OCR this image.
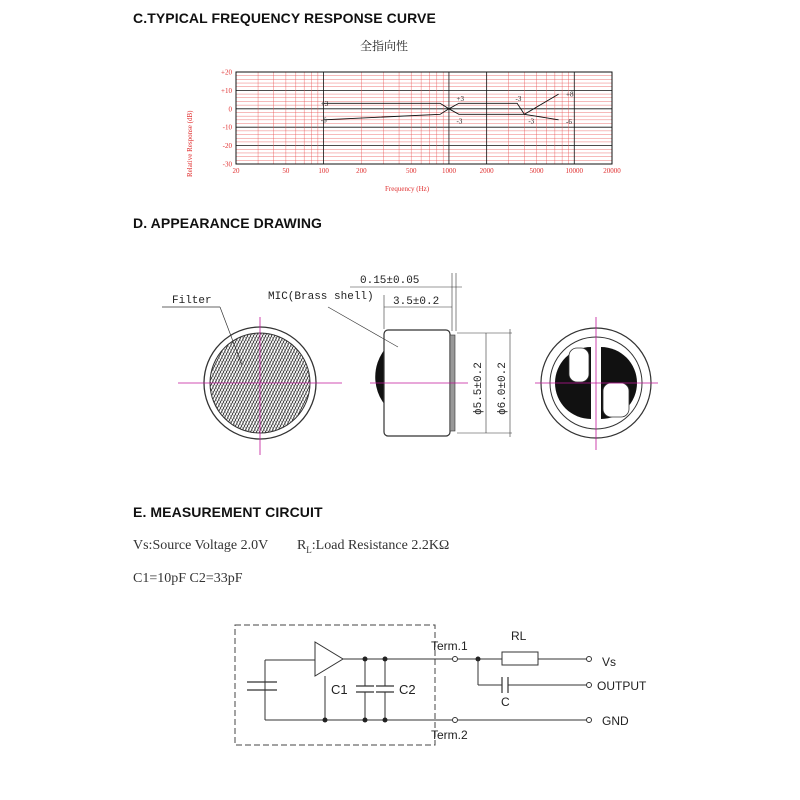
C.TYPICAL FREQUENCY RESPONSE CURVE
全指向性
20	50	100	200	500	1000	2000	5000	10000	20000
+20
+10
0
-10
-20
-30
+3
-6
+3
-3
-3
+8
-3	-6
Relative Response (dB)
Frequency (Hz)
D. APPEARANCE DRAWING
Filter
0.15±0.05
3.5±0.2
MIC(Brass shell)
ϕ5.5±0.2 ϕ6.0±0.2
E. MEASUREMENT CIRCUIT
Vs:Source Voltage 2.0V $R_L:Load$ Resistance 2.2KΩ
C1=10pF C2=33pF
C1	C2
Term.1
Term.2
RL
C
Vs
OUTPUT
GND
